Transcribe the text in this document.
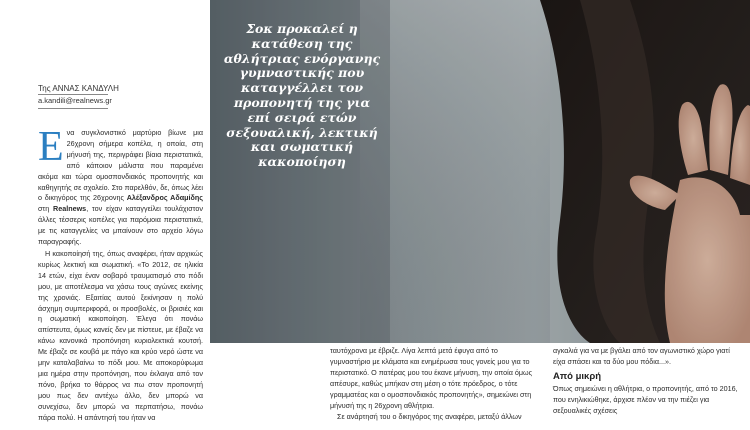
Της ΑΝΝΑΣ ΚΑΝΔΥΛΗ
a.kandili@realnews.gr

Ενα συγκλονιστικό μαρτύριο βίωνε μια 26χρονη σήμερα κοπέλα, η οποία, στη μήνυσή της, περιγράφει βίαια περιστατικά, από κάποιον μάλιστα που παραμένει ακόμα και τώρα ομοσπονδιακός προπονητής και καθηγητής σε σχολείο. Στο παρελθόν, δε, όπως λέει ο δικηγόρος της 26χρονης Αλέξανδρος Αδαμίδης στη Realnews, τον είχαν καταγγείλει τουλάχιστον άλλες τέσσερις κοπέλες για παρόμοια περιστατικά, με τις καταγγελίες να μπαίνουν στο αρχείο λόγω παραγραφής.

Η κακοποίησή της, όπως αναφέρει, ήταν αρχικώς κυρίως λεκτική και σωματική. «Το 2012, σε ηλικία 14 ετών, είχα έναν σοβαρό τραυματισμό στο πόδι μου, με αποτέλεσμα να χάσω τους αγώνες εκείνης της χρονιάς. Εξαιτίας αυτού ξεκίνησαν η πολύ άσχημη συμπεριφορά, οι προσβολές, οι βρισιές και η σωματική κακοποίηση. Έλεγα ότι πονάω απίστευτα, όμως κανείς δεν με πίστευε, με έβαζε να κάνω κανονικά προπόνηση κυριολεκτικά κουτσή. Με έβαζε σε κουβά με πάγο και κρύο νερό ώστε να μην καταλαβαίνω το πόδι μου. Με αποκορύφωμα μια ημέρα στην προπόνηση, που έκλαιγα από τον πόνο, βρήκα το θάρρος να πω στον προπονητή μου πως δεν αντέχω άλλο, δεν μπορώ να συνεχίσω, δεν μπορώ να περπατήσω, πονάω πάρα πολύ. Η απάντησή του ήταν να

Σοκ προκαλεί η κατάθεση της αθλήτριας ενόργανης γυμναστικής που καταγγέλλει τον προπονητή της για επί σειρά ετών σεξουαλική, λεκτική και σωματική κακοποίηση

ταυτόχρονα με έβριζε. Λίγα λεπτά μετά έφυγα από το γυμναστήριο με κλάματα και ενημέρωσα τους γονείς μου για το περιστατικό. Ο πατέρας μου του έκανε μήνυση, την οποία όμως απέσυρε, καθώς μπήκαν στη μέση ο τότε πρόεδρος, ο τότε γραμματέας και ο ομοσπονδιακός προπονητής», σημειώνει στη μήνυσή της η 26χρονη αθλήτρια.

Σε ανάρτησή του ο δικηγόρος της αναφέρει, μεταξύ άλλων

αγκαλιά για να με βγάλει από τον αγωνιστικό χώρο γιατί είχα σπάσει και τα δύο μου πόδια...».

Από μικρή

Όπως σημειώνει η αθλήτρια, ο προπονητής, από το 2016, που ενηλικιώθηκε, άρχισε πλέον να την πιέζει για σεξουαλικές σχέσεις
